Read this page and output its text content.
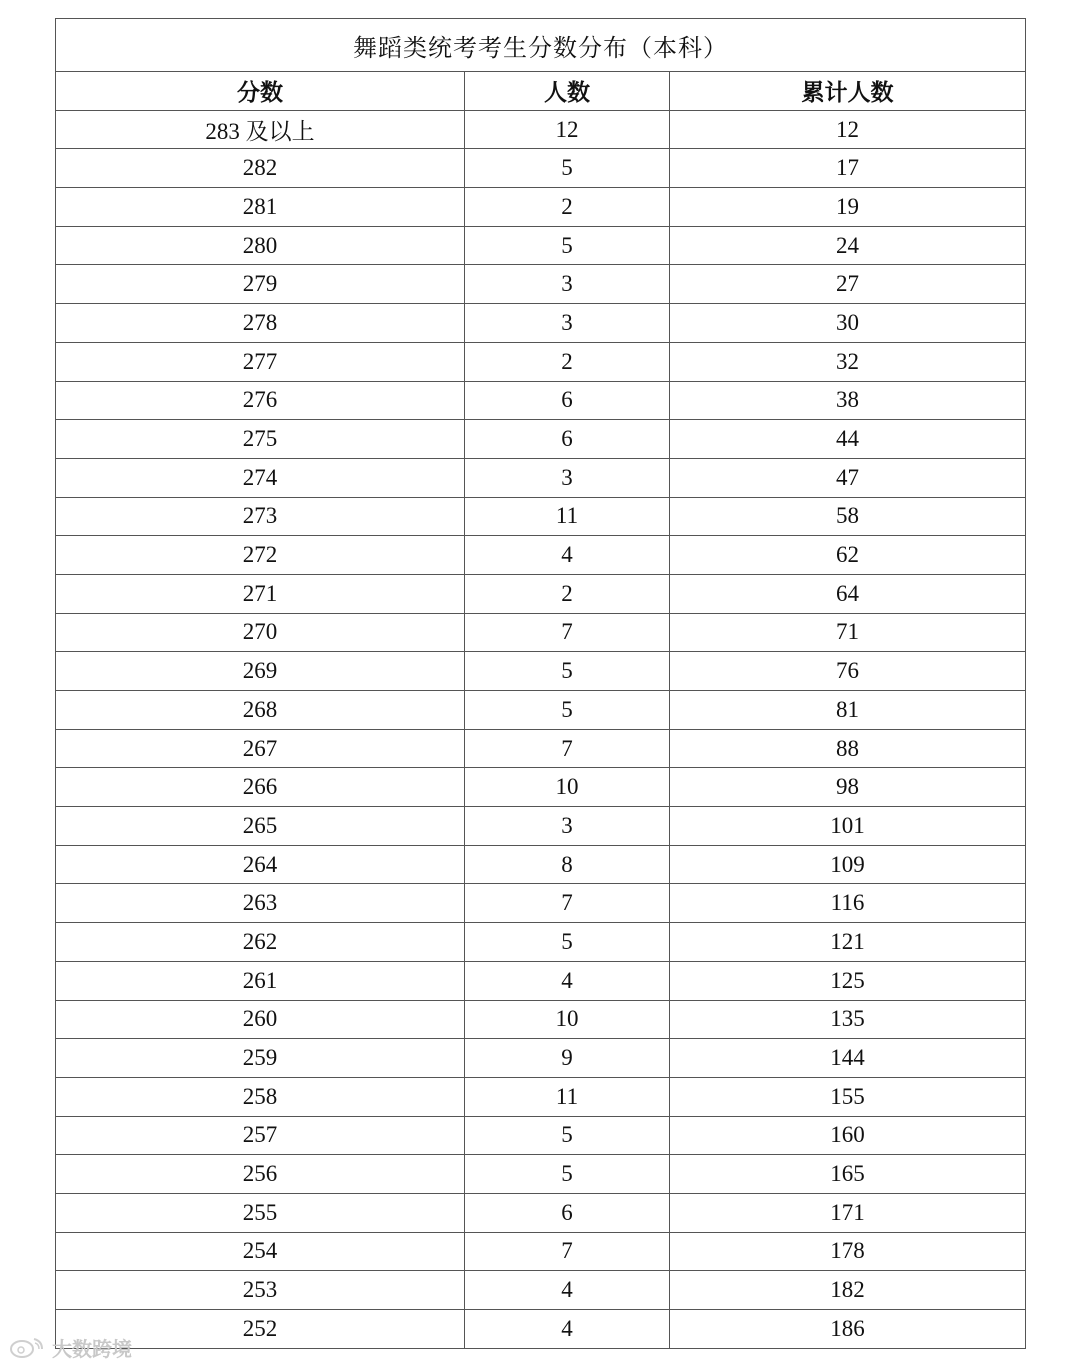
舞蹈类统考考生分数分布（本科）		
分数	人数	累计人数
283 及以上	12	12
282	5	17
281	2	19
280	5	24
279	3	27
278	3	30
277	2	32
276	6	38
275	6	44
274	3	47
273	11	58
272	4	62
271	2	64
270	7	71
269	5	76
268	5	81
267	7	88
266	10	98
265	3	101
264	8	109
263	7	116
262	5	121
261	4	125
260	10	135
259	9	144
258	11	155
257	5	160
256	5	165
255	6	171
254	7	178
253	4	182
252	4	186
大数跨境
